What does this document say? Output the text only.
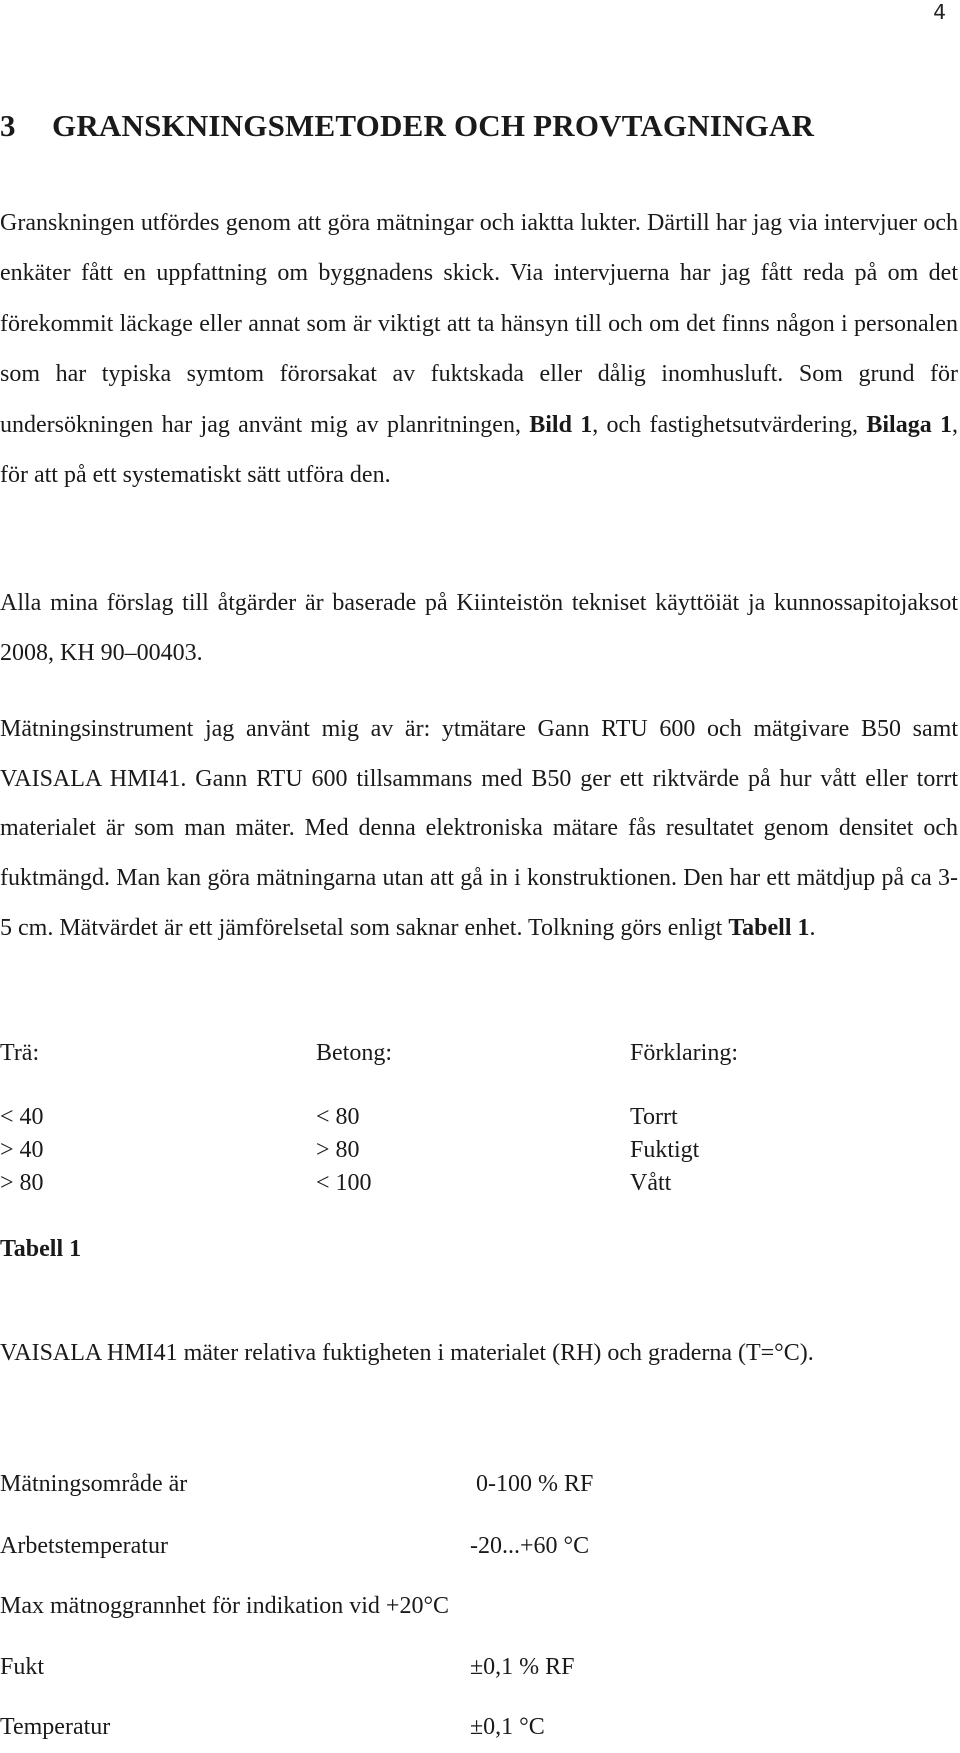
4
3 GRANSKNINGSMETODER OCH PROVTAGNINGAR

Granskningen utfördes genom att göra mätningar och iaktta lukter. Därtill har jag via intervjuer och enkäter fått en uppfattning om byggnadens skick. Via intervjuerna har jag fått reda på om det förekommit läckage eller annat som är viktigt att ta hänsyn till och om det finns någon i personalen som har typiska symtom förorsakat av fuktskada eller dålig inomhusluft. Som grund för undersökningen har jag använt mig av planritningen, Bild 1, och fastighetsutvärdering, Bilaga 1, för att på ett systematiskt sätt utföra den.

Alla mina förslag till åtgärder är baserade på Kiinteistön tekniset käyttöiät ja kunnossapitojaksot 2008, KH 90–00403.

Mätningsinstrument jag använt mig av är: ytmätare Gann RTU 600 och mätgivare B50 samt VAISALA HMI41. Gann RTU 600 tillsammans med B50 ger ett riktvärde på hur vått eller torrt materialet är som man mäter. Med denna elektroniska mätare fås resultatet genom densitet och fuktmängd. Man kan göra mätningarna utan att gå in i konstruktionen. Den har ett mätdjup på ca 3-5 cm. Mätvärdet är ett jämförelsetal som saknar enhet. Tolkning görs enligt Tabell 1.

Trä:	Betong:	Förklaring:
< 40	< 80	Torrt
> 40	> 80	Fuktigt
> 80	< 100	Vått
Tabell 1

VAISALA HMI41 mäter relativa fuktigheten i materialet (RH) och graderna (T=°C).

Mätningsområde är	0-100 % RF
Arbetstemperatur	-20...+60 °C
Max mätnoggrannhet för indikation vid +20°C
Fukt	±0,1 % RF
Temperatur	±0,1 °C
